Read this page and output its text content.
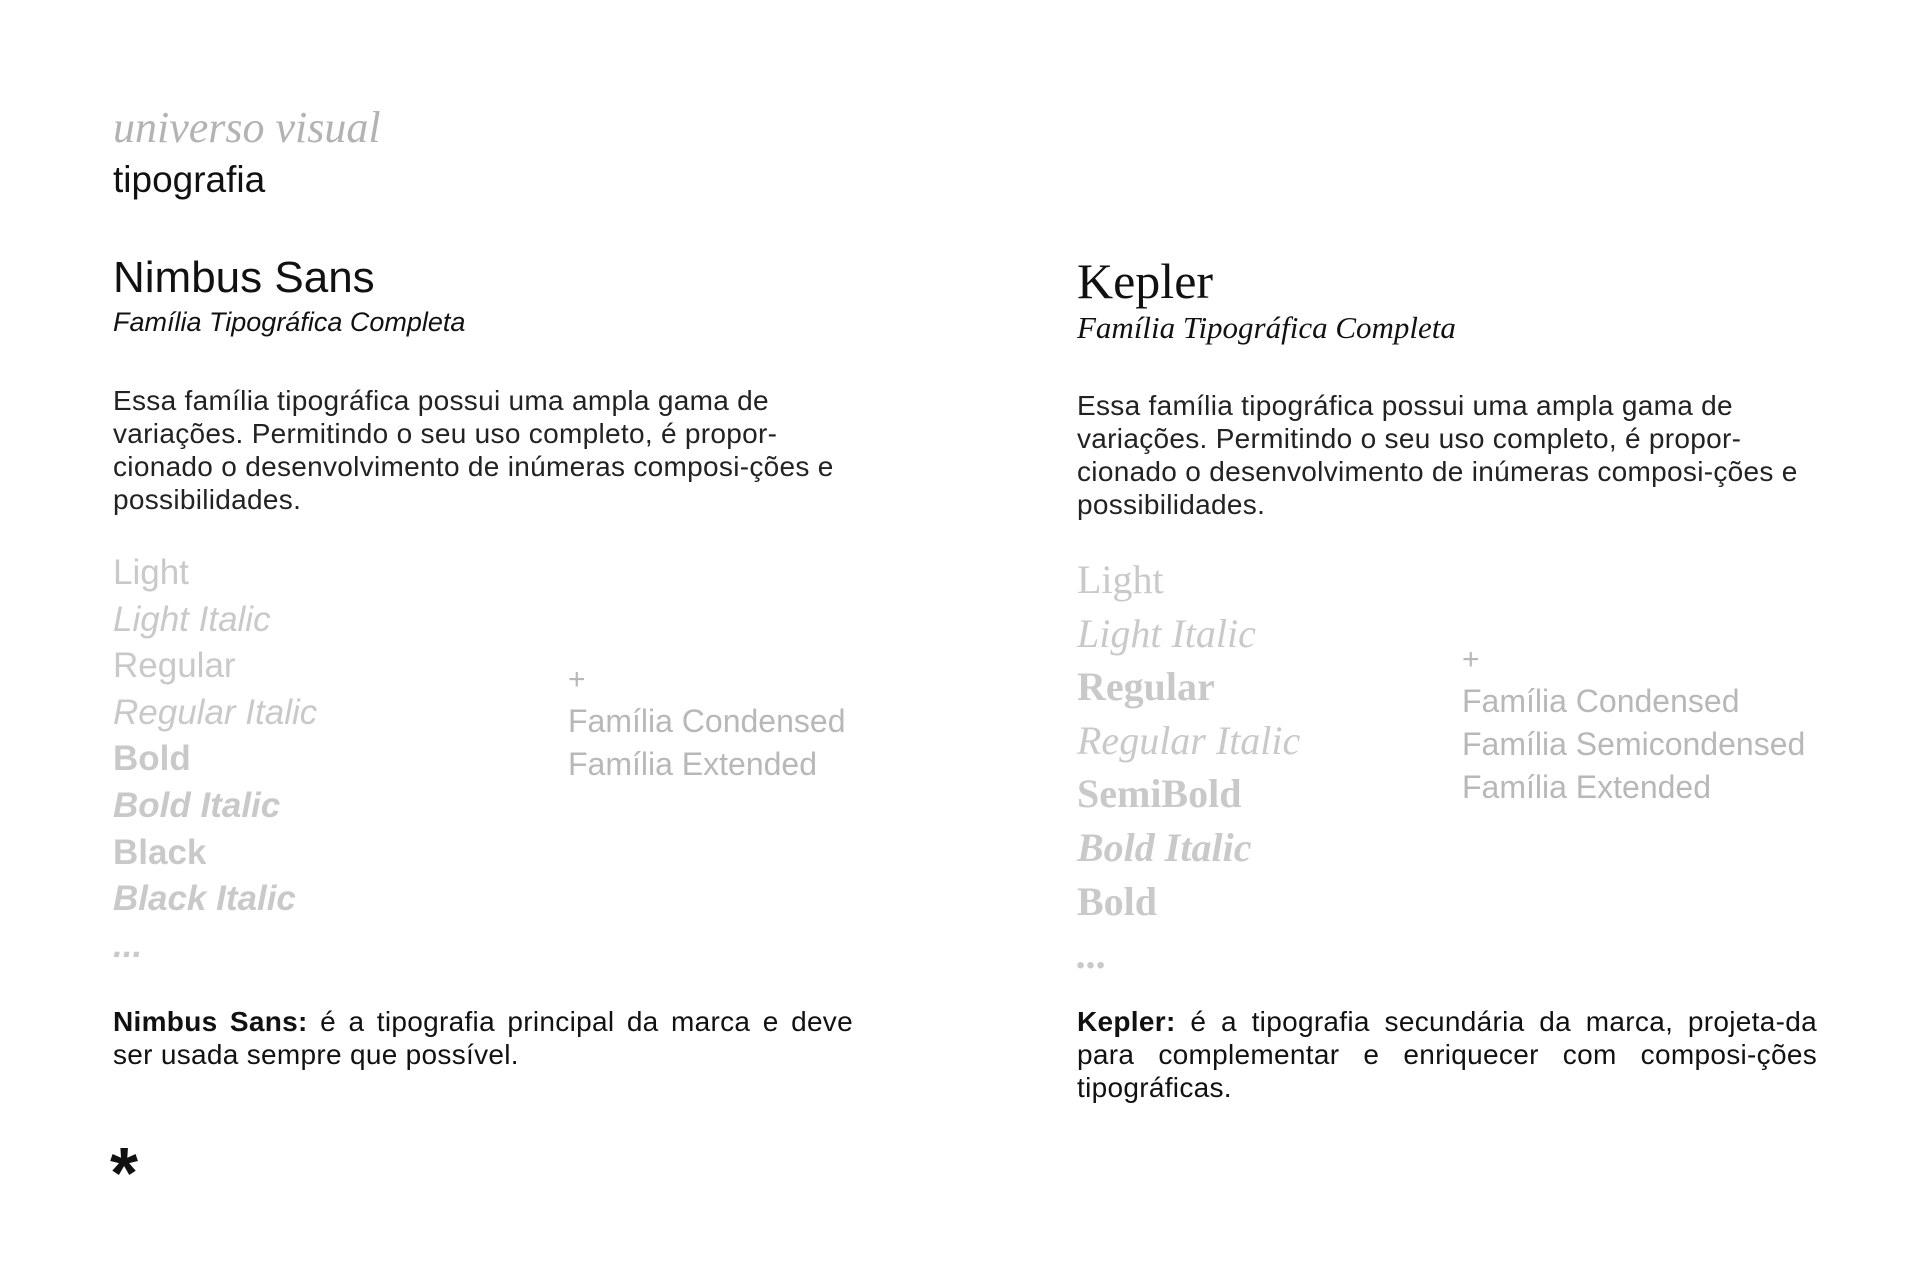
universo visual
tipografia
Nimbus Sans
Família Tipográfica Completa
Essa família tipográfica possui uma ampla gama de variações. Permitindo o seu uso completo, é propor-cionado o desenvolvimento de inúmeras composi-ções e possibilidades.
Light
Light Italic
Regular
Regular Italic
Bold
Bold Italic
Black
Black Italic
...
+
Família Condensed
Família Extended
Nimbus Sans: é a tipografia principal da marca e deve ser usada sempre que possível.
Kepler
Família Tipográfica Completa
Essa família tipográfica possui uma ampla gama de variações. Permitindo o seu uso completo, é propor-cionado o desenvolvimento de inúmeras composi-ções e possibilidades.
Light
Light Italic
Regular
Regular Italic
SemiBold
Bold Italic
Bold
...
+
Família Condensed
Família Semicondensed
Família Extended
Kepler: é a tipografia secundária da marca, projeta-da para complementar e enriquecer com composi-ções tipográficas.
*
